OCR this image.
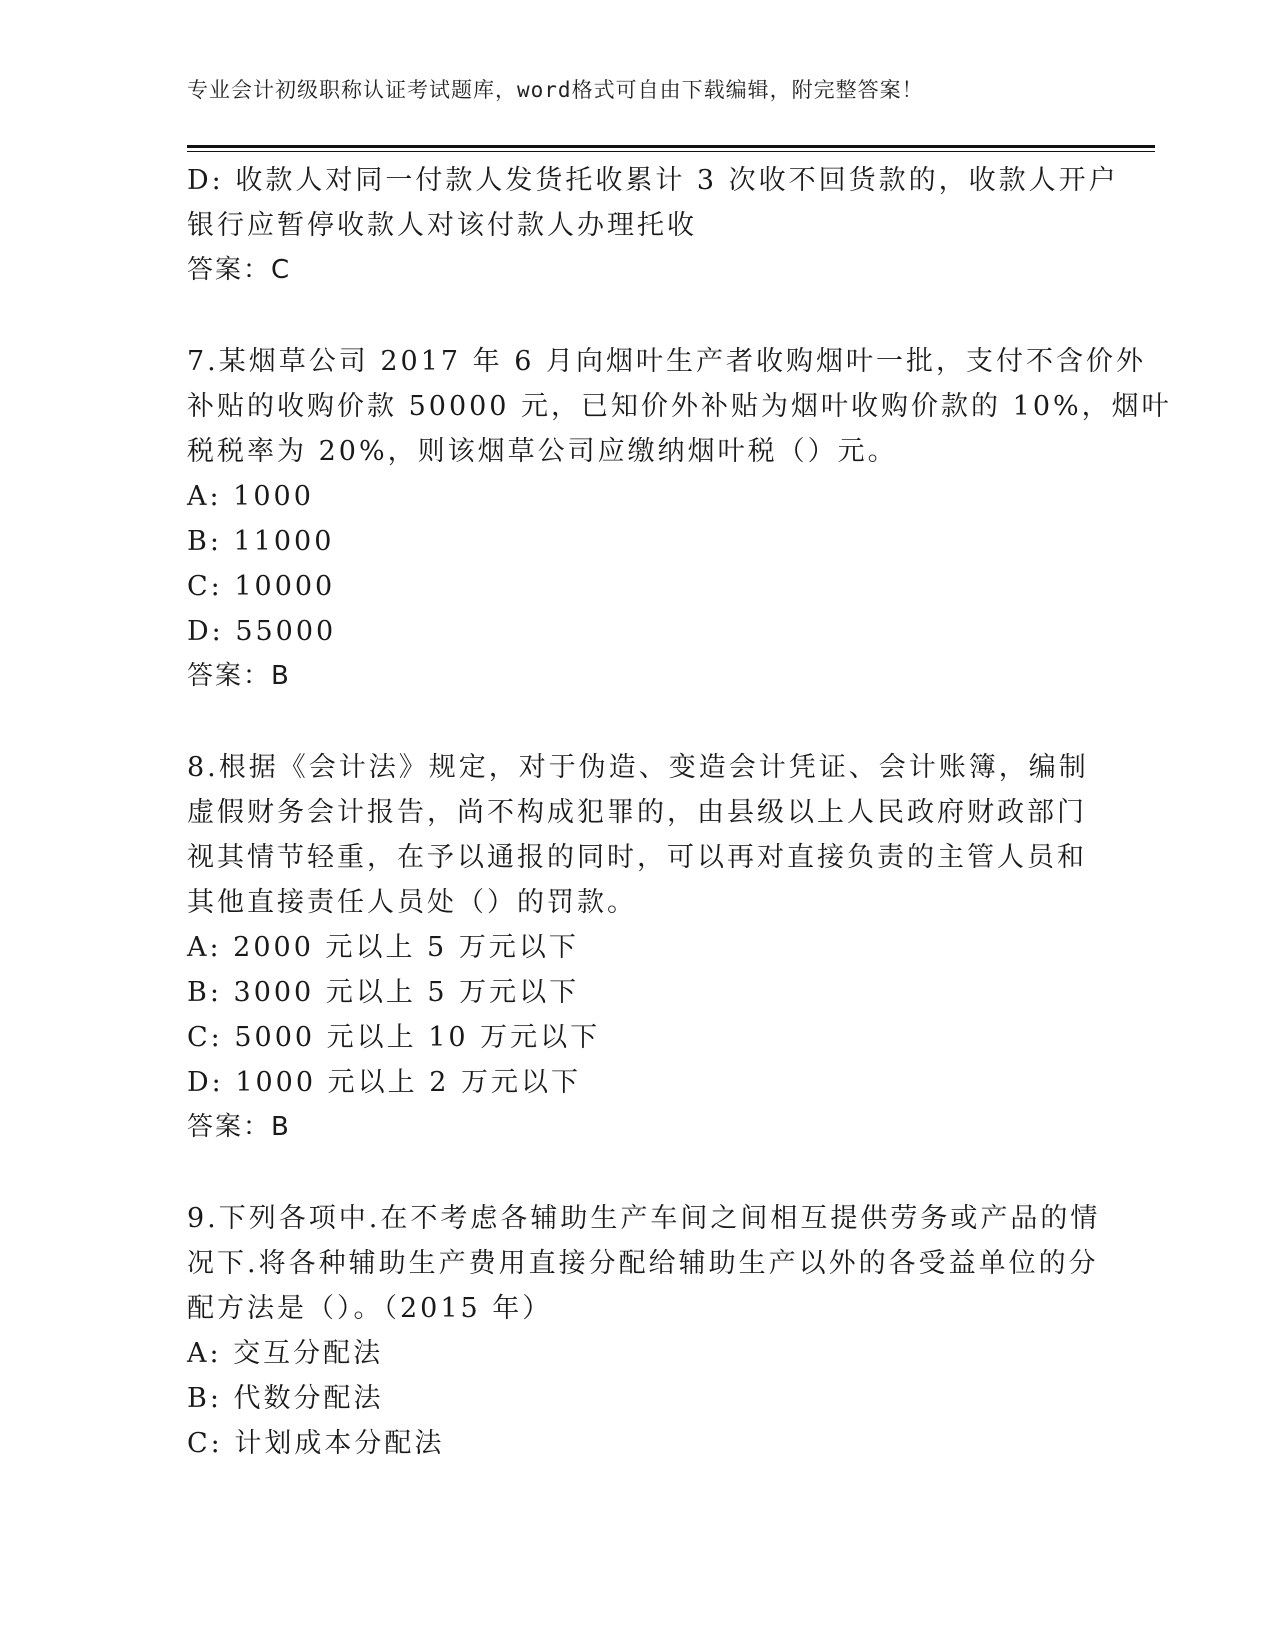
专业会计初级职称认证考试题库，word格式可自由下载编辑，附完整答案！
D: 收款人对同一付款人发货托收累计 3 次收不回货款的，收款人开户
银行应暂停收款人对该付款人办理托收
答案：C
7.某烟草公司 2017 年 6 月向烟叶生产者收购烟叶一批，支付不含价外
补贴的收购价款 50000 元，已知价外补贴为烟叶收购价款的 10%，烟叶
税税率为 20%，则该烟草公司应缴纳烟叶税（）元。
A: 1000
B: 11000
C: 10000
D: 55000
答案：B
8.根据《会计法》规定，对于伪造、变造会计凭证、会计账簿，编制
虚假财务会计报告，尚不构成犯罪的，由县级以上人民政府财政部门
视其情节轻重，在予以通报的同时，可以再对直接负责的主管人员和
其他直接责任人员处（）的罚款。
A: 2000 元以上 5 万元以下
B: 3000 元以上 5 万元以下
C: 5000 元以上 10 万元以下
D: 1000 元以上 2 万元以下
答案：B
9.下列各项中.在不考虑各辅助生产车间之间相互提供劳务或产品的情
况下.将各种辅助生产费用直接分配给辅助生产以外的各受益单位的分
配方法是（）。（2015 年）
A: 交互分配法
B: 代数分配法
C: 计划成本分配法
